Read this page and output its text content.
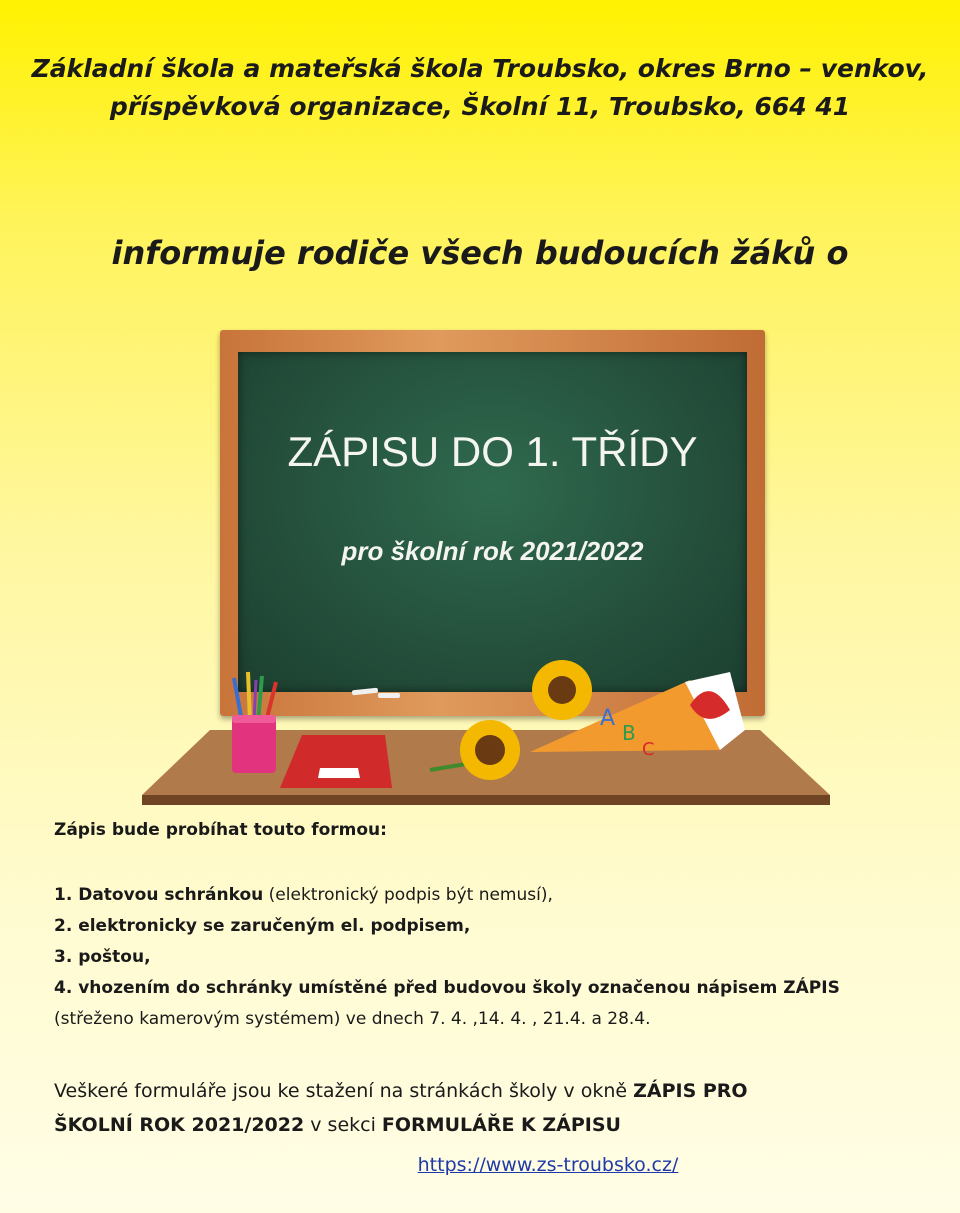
Základní škola a mateřská škola Troubsko, okres Brno – venkov,
příspěvková organizace, Školní 11, Troubsko, 664 41
informuje rodiče všech budoucích žáků o
ZÁPISU DO 1. TŘÍDY
pro školní rok 2021/2022
A
B
C
Zápis bude probíhat touto formou:
1. Datovou schránkou (elektronický podpis být nemusí),
2. elektronicky se zaručeným el. podpisem,
3. poštou,
4. vhozením do schránky umístěné před budovou školy označenou nápisem ZÁPIS
(střeženo kamerovým systémem) ve dnech 7. 4. ,14. 4. , 21.4. a 28.4.
Veškeré formuláře jsou ke stažení na stránkách školy v okně ZÁPIS PRO
ŠKOLNÍ ROK 2021/2022 v sekci FORMULÁŘE K ZÁPISU
https://www.zs-troubsko.cz/
